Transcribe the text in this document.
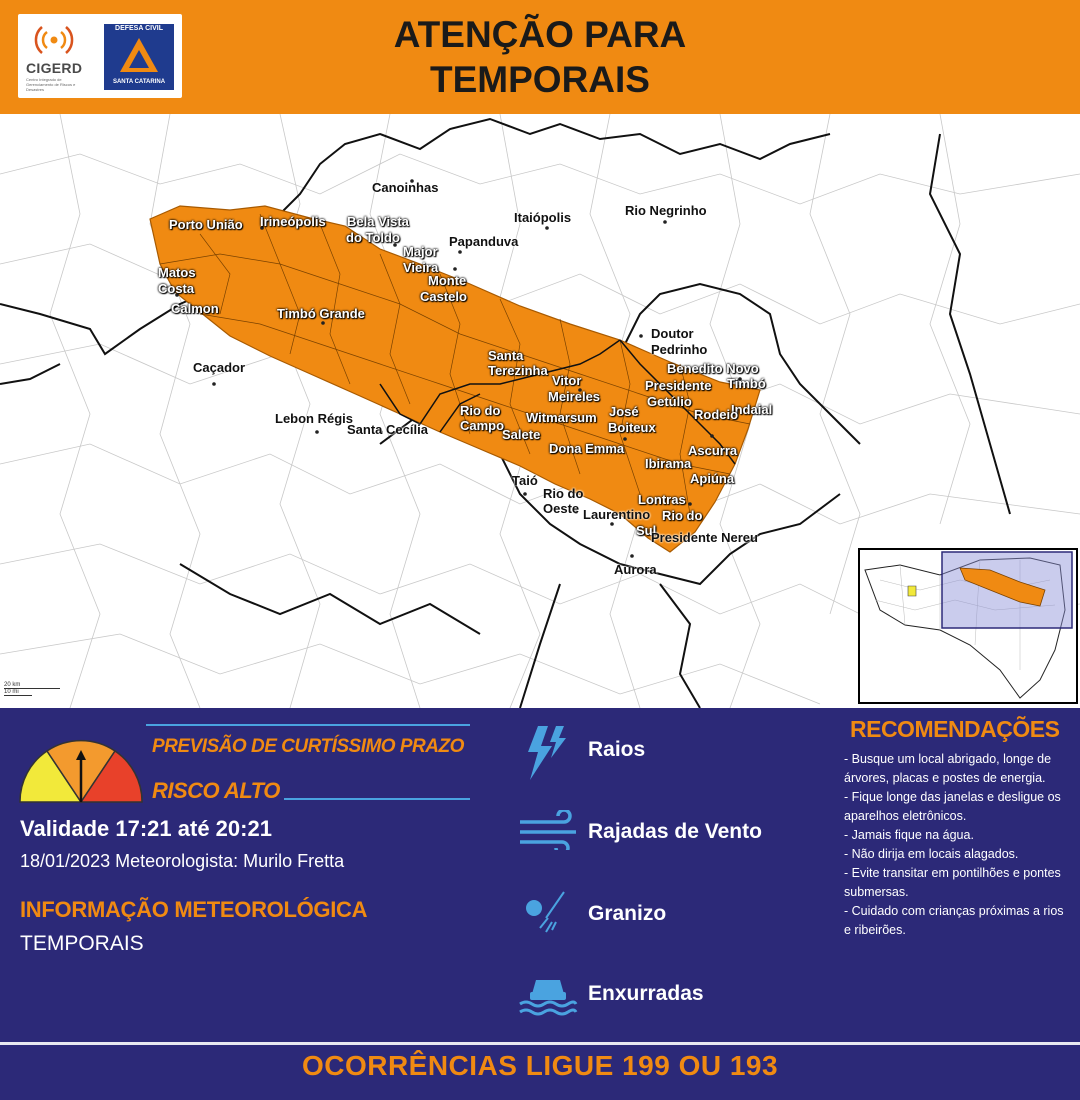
CIGERD
Centro Integrado de Gerenciamento de Riscos e Desastres
DEFESA CIVIL
SANTA CATARINA
ATENÇÃO PARA
TEMPORAIS
Canoinhas
Itaiópolis	Rio Negrinho
Porto União Irineópolis Bela Vista
do Toldo	Papanduva
Major
Vieira
Monte
Castelo
Matos
Costa
Calmon	Timbó Grande
Caçador
Doutor
Pedrinho
Santa
Terezinha	Benedito Novo
Vitor
Meireles
Presidente Timbó
Getúlio
Indaial
Rodeio
Lebon Régis
Santa Cecília
Rio do
Campo
Witmarsum José
Boiteux
Salete
Dona Emma	Ascurra
Ibirama
Apiúna
Taió
Rio do
Oeste
Lontras
Laurentino Rio do
Sul
Presidente Nereu
Aurora
20 km
10 mi
PREVISÃO DE CURTÍSSIMO PRAZO
RISCO ALTO
Validade 17:21 até 20:21
18/01/2023 Meteorologista: Murilo Fretta
INFORMAÇÃO METEOROLÓGICA
TEMPORAIS
Raios
Rajadas de Vento
Granizo
Enxurradas
RECOMENDAÇÕES
- Busque um local abrigado, longe de árvores, placas e postes de energia.
- Fique longe das janelas e desligue os aparelhos eletrônicos.
- Jamais fique na água.
- Não dirija em locais alagados.
- Evite transitar em pontilhões e pontes submersas.
- Cuidado com crianças próximas a rios e ribeirões.
OCORRÊNCIAS LIGUE 199 OU 193
